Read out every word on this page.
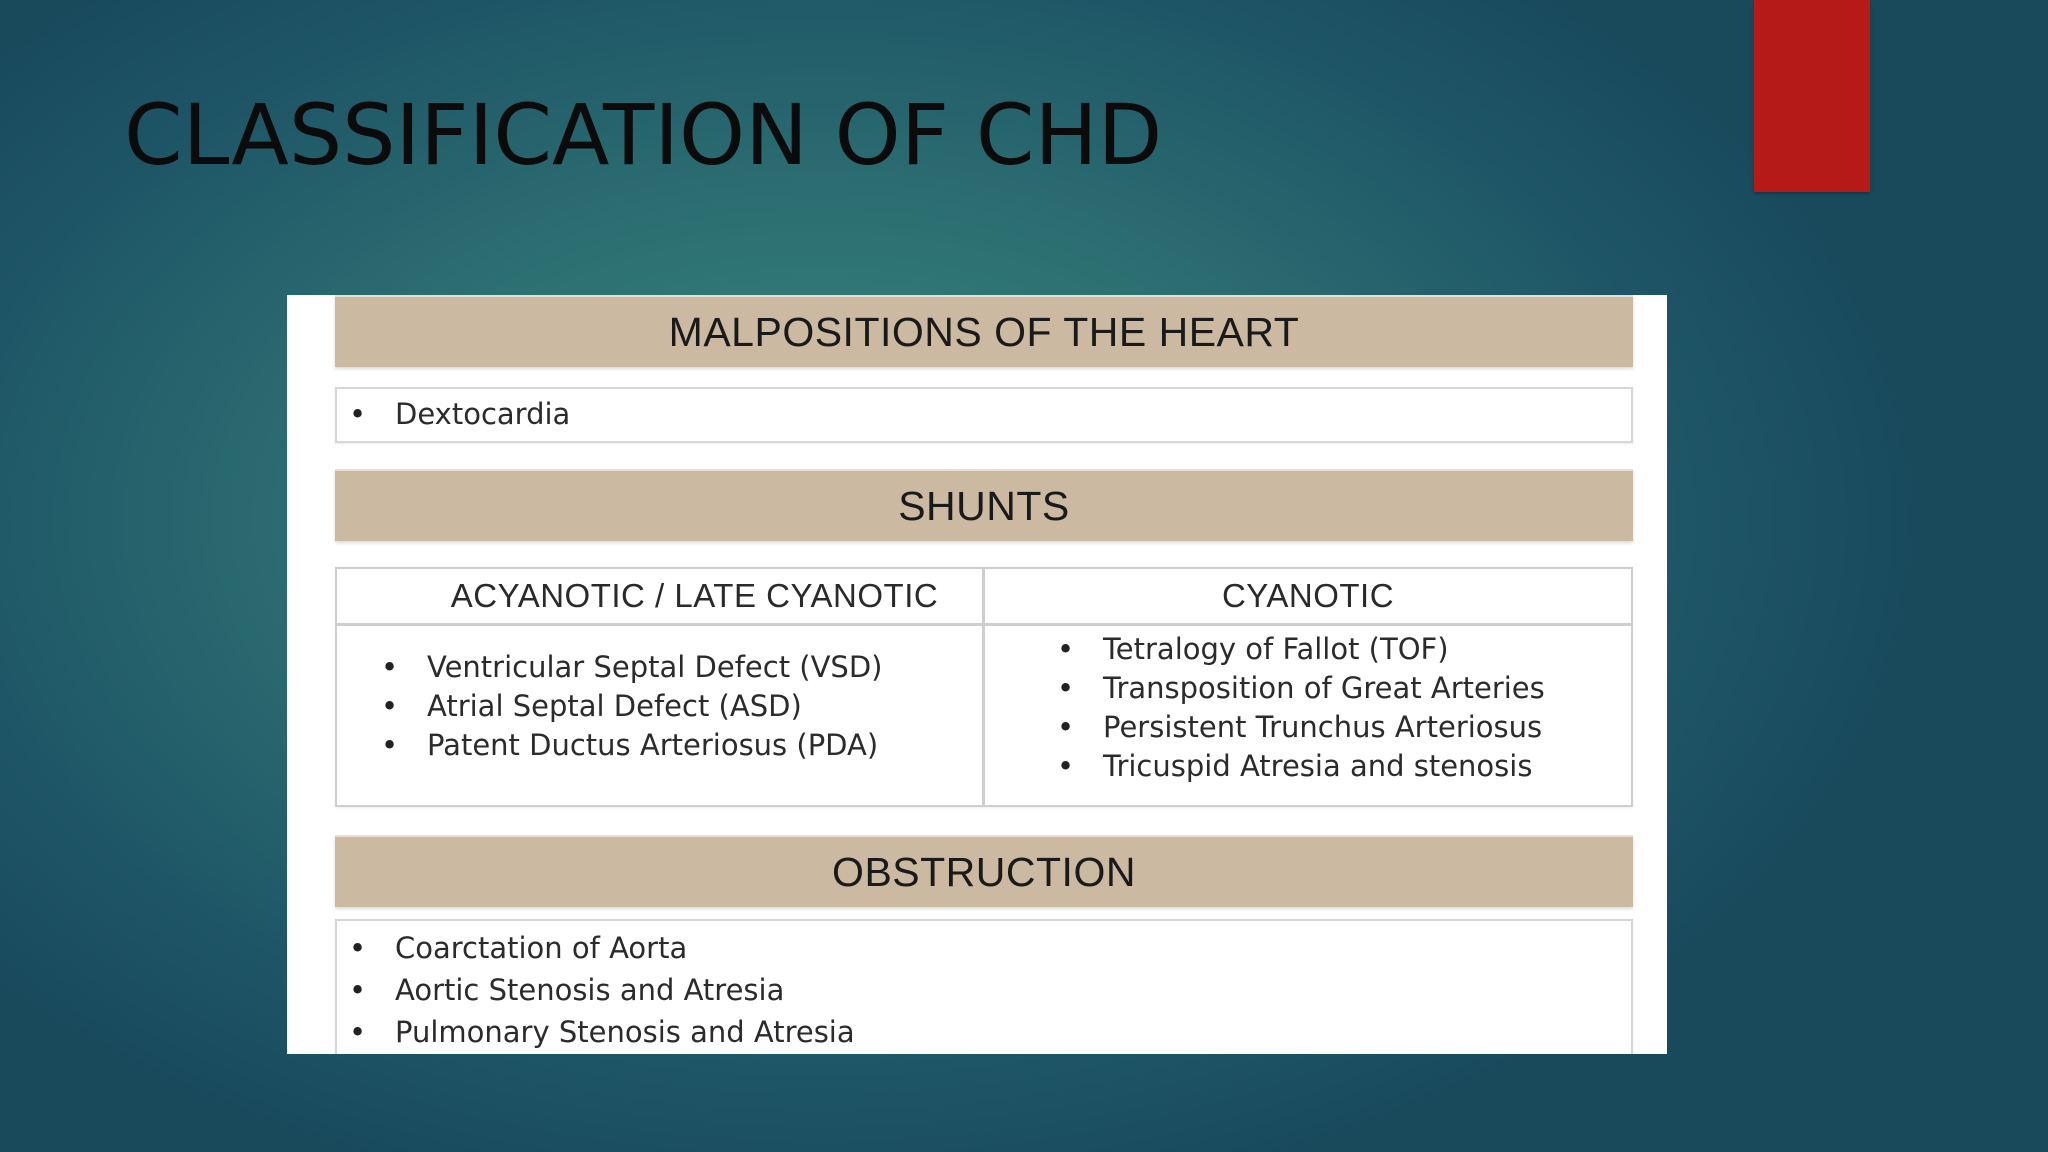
CLASSIFICATION OF CHD
MALPOSITIONS OF THE HEART
• Dextocardia
SHUNTS
ACYANOTIC / LATE CYANOTIC
• Ventricular Septal Defect (VSD)
• Atrial Septal Defect (ASD)
• Patent Ductus Arteriosus (PDA)
CYANOTIC
• Tetralogy of Fallot (TOF)
• Transposition of Great Arteries
• Persistent Trunchus Arteriosus
• Tricuspid Atresia and stenosis
OBSTRUCTION
• Coarctation of Aorta
• Aortic Stenosis and Atresia
• Pulmonary Stenosis and Atresia
